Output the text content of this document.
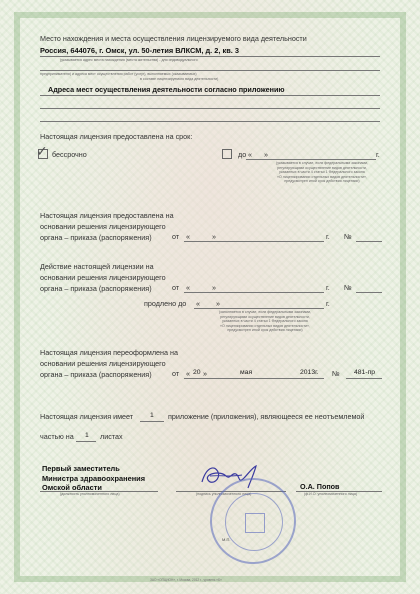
Место нахождения и места осуществления лицензируемого вида деятельности
Россия, 644076, г. Омск, ул. 50-летия ВЛКСМ, д. 2, кв. 3
(указывается адрес места нахождения (места жительства) - для индивидуального
предпринимателя) и адреса мест осуществления работ (услуг), выполняемых (оказываемых)
в составе лицензируемого вида деятельности)
Адреса мест осуществления деятельности согласно приложению
Настоящая лицензия предоставлена на срок:
✓ бессрочно	до « »	г.
(указывается в случае, если федеральными законами,
регулирующими осуществление видов деятельности,
указанных в части 4 статьи 1 Федерального закона
«О лицензировании отдельных видов деятельности»,
предусмотрен иной срок действия лицензии)
Настоящая лицензия предоставлена на
основании решения лицензирующего
органа – приказа (распоряжения)	от «	»	г. №
Действие настоящей лицензии на
основании решения лицензирующего
органа – приказа (распоряжения)	от «	»	г. №
продлено до « »	г.
(заполняется в случае, если федеральными законами,
регулирующими осуществление видов деятельности,
указанных в части 4 статьи 1 Федерального закона
«О лицензировании отдельных видов деятельности»,
предусмотрен иной срок действия лицензии)
Настоящая лицензия переоформлена на
основании решения лицензирующего
органа – приказа (распоряжения)	от « 20 »	мая	2013г. № 481-пр
Настоящая лицензия имеет 1 приложение (приложения), являющееся ее неотъемлемой
частью на 1 листах
Первый заместитель
Министра здравоохранения
Омской области
(должность уполномоченного лица)	(подпись уполномоченного лица)
О.А. Попов
(ф.И.О. уполномоченного лица)
М.П.
ЗАО «ОПЦИОН», г. Москва, 2012 г., уровень «Б»
